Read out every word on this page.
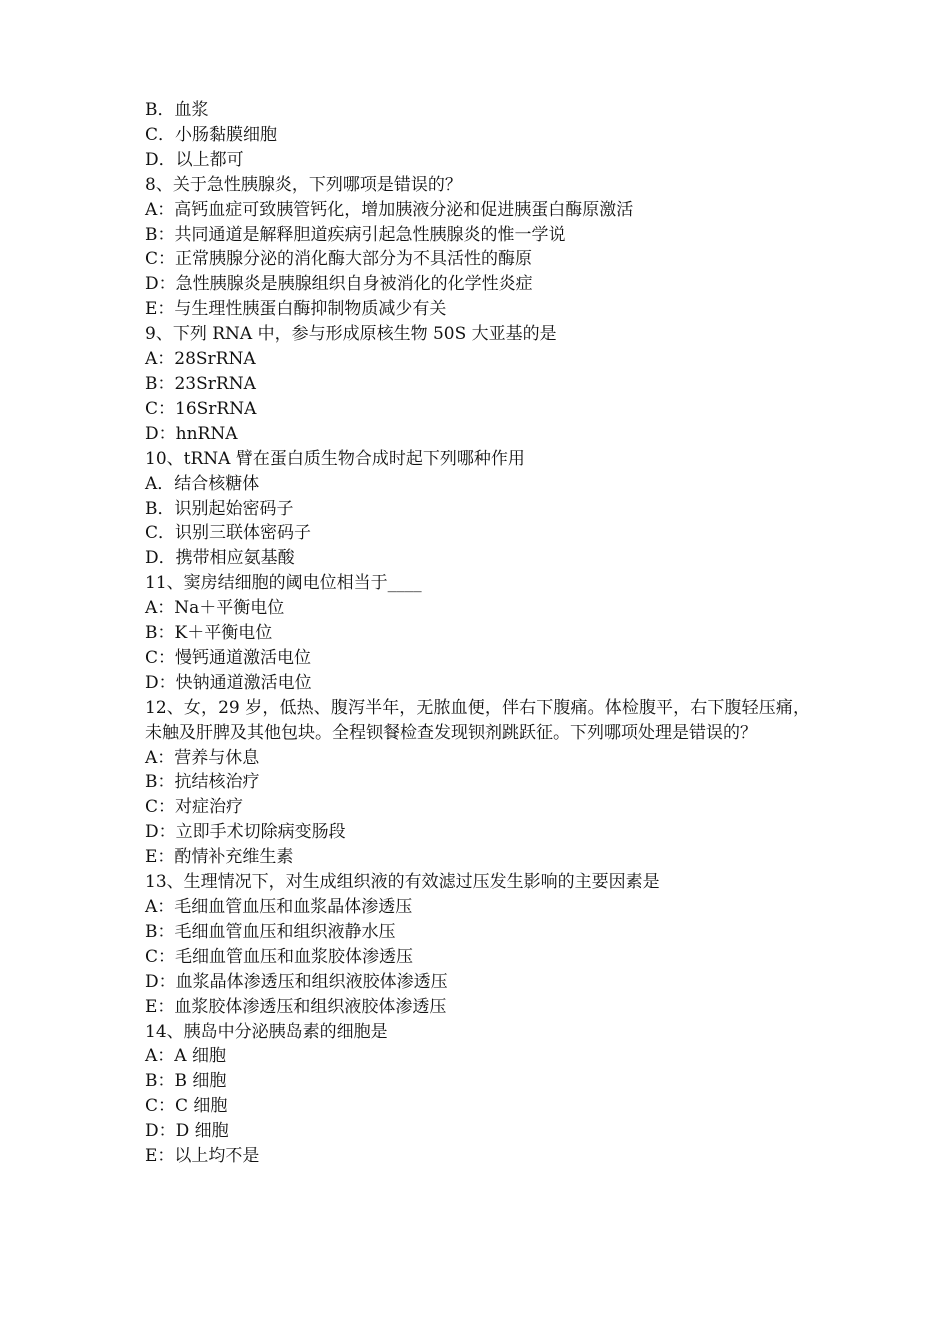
B．血浆

C．小肠黏膜细胞

D．以上都可

8、关于急性胰腺炎，下列哪项是错误的？

A：高钙血症可致胰管钙化，增加胰液分泌和促进胰蛋白酶原激活

B：共同通道是解释胆道疾病引起急性胰腺炎的惟一学说

C：正常胰腺分泌的消化酶大部分为不具活性的酶原

D：急性胰腺炎是胰腺组织自身被消化的化学性炎症

E：与生理性胰蛋白酶抑制物质减少有关

9、下列 RNA 中，参与形成原核生物 50S 大亚基的是

A：28SrRNA

B：23SrRNA

C：16SrRNA

D：hnRNA

10、tRNA 臂在蛋白质生物合成时起下列哪种作用

A．结合核糖体

B．识别起始密码子

C．识别三联体密码子

D．携带相应氨基酸

11、窦房结细胞的阈电位相当于____

A：Na＋平衡电位

B：K＋平衡电位

C：慢钙通道激活电位

D：快钠通道激活电位

12、女，29 岁，低热、腹泻半年，无脓血便，伴右下腹痛。体检腹平，右下腹轻压痛，未触及肝脾及其他包块。全程钡餐检查发现钡剂跳跃征。下列哪项处理是错误的？

A：营养与休息

B：抗结核治疗

C：对症治疗

D：立即手术切除病变肠段

E：酌情补充维生素

13、生理情况下，对生成组织液的有效滤过压发生影响的主要因素是

A：毛细血管血压和血浆晶体渗透压

B：毛细血管血压和组织液静水压

C：毛细血管血压和血浆胶体渗透压

D：血浆晶体渗透压和组织液胶体渗透压

E：血浆胶体渗透压和组织液胶体渗透压

14、胰岛中分泌胰岛素的细胞是

A：A 细胞

B：B 细胞

C：C 细胞

D：D 细胞

E：以上均不是
